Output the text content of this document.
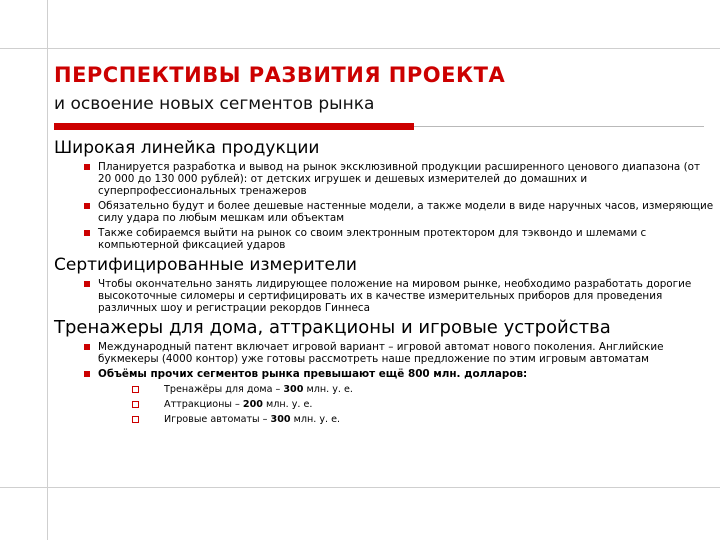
ПЕРСПЕКТИВЫ РАЗВИТИЯ ПРОЕКТА
и освоение новых сегментов рынка
Широкая линейка продукции
Планируется разработка и вывод на рынок эксклюзивной продукции расширенного ценового диапазона (от 20 000 до 130 000 рублей): от детских игрушек и дешевых измерителей до домашних и суперпрофессиональных тренажеров
Обязательно будут и более дешевые настенные модели, а также модели в виде наручных часов, измеряющие силу удара по любым мешкам или объектам
Также собираемся выйти на рынок со своим электронным протектором для тэквондо и шлемами с компьютерной фиксацией ударов
Сертифицированные измерители
Чтобы окончательно занять лидирующее положение на мировом рынке, необходимо разработать дорогие высокоточные силомеры и сертифицировать их в качестве измерительных приборов для проведения различных шоу и регистрации рекордов Гиннеса
Тренажеры для дома, аттракционы и игровые устройства
Международный патент включает игровой вариант – игровой автомат нового поколения. Английские букмекеры (4000 контор) уже готовы рассмотреть наше предложение по этим игровым автоматам
Объёмы прочих сегментов рынка превышают ещё 800 млн. долларов:
Тренажёры для дома – 300 млн. у. е.
Аттракционы – 200 млн. у. е.
Игровые автоматы – 300 млн. у. е.
